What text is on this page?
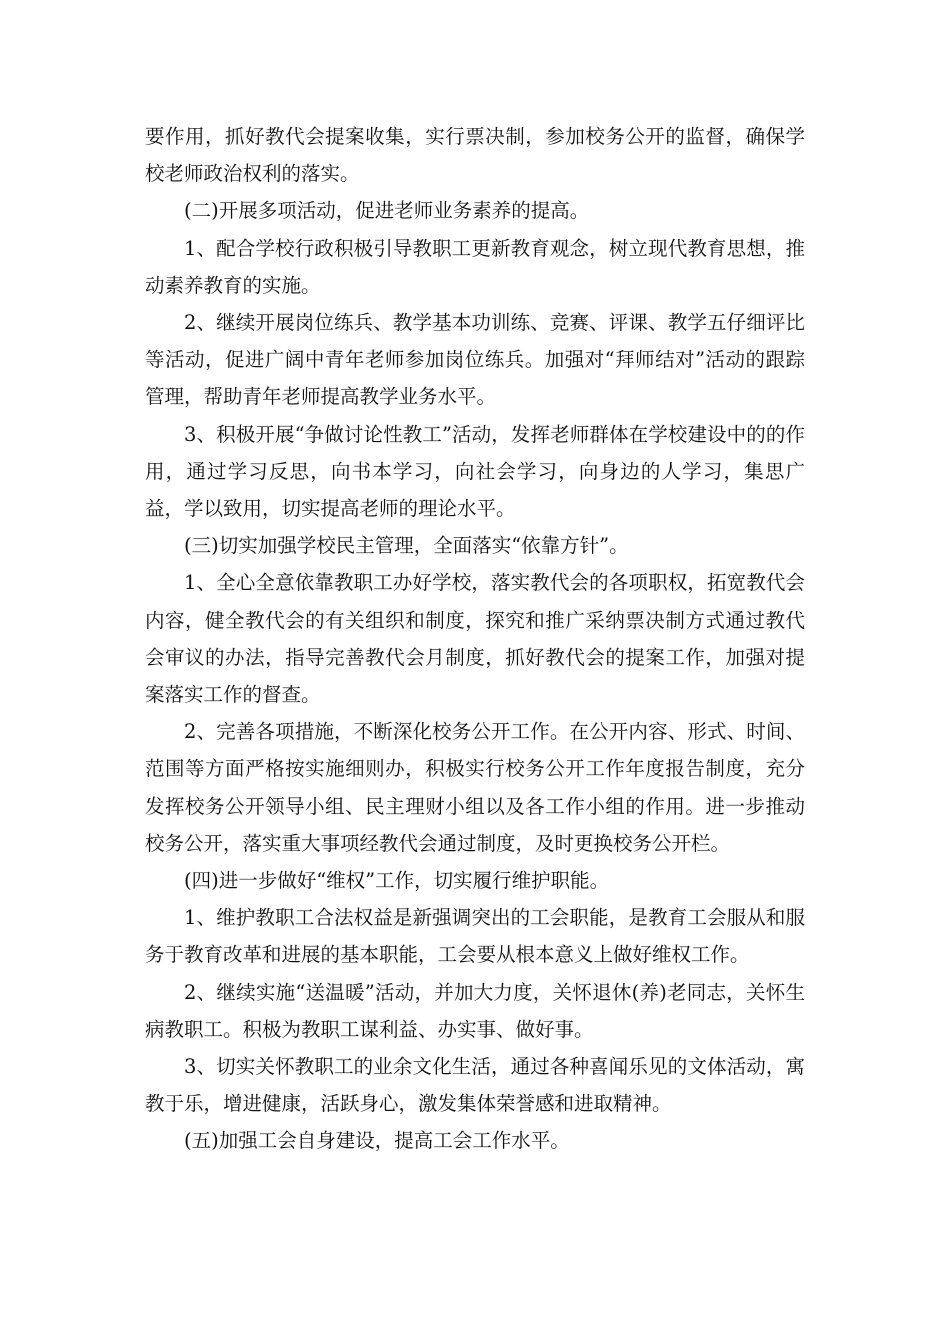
要作用，抓好教代会提案收集，实行票决制，参加校务公开的监督，确保学校老师政治权利的落实。

(二)开展多项活动，促进老师业务素养的提高。

1、配合学校行政积极引导教职工更新教育观念，树立现代教育思想，推动素养教育的实施。

2、继续开展岗位练兵、教学基本功训练、竞赛、评课、教学五仔细评比等活动，促进广阔中青年老师参加岗位练兵。加强对“拜师结对”活动的跟踪管理，帮助青年老师提高教学业务水平。

3、积极开展“争做讨论性教工”活动，发挥老师群体在学校建设中的的作用，通过学习反思，向书本学习，向社会学习，向身边的人学习，集思广益，学以致用，切实提高老师的理论水平。

(三)切实加强学校民主管理，全面落实“依靠方针”。

1、全心全意依靠教职工办好学校，落实教代会的各项职权，拓宽教代会内容，健全教代会的有关组织和制度，探究和推广采纳票决制方式通过教代会审议的办法，指导完善教代会月制度，抓好教代会的提案工作，加强对提案落实工作的督查。

2、完善各项措施，不断深化校务公开工作。在公开内容、形式、时间、范围等方面严格按实施细则办，积极实行校务公开工作年度报告制度，充分发挥校务公开领导小组、民主理财小组以及各工作小组的作用。进一步推动校务公开，落实重大事项经教代会通过制度，及时更换校务公开栏。

(四)进一步做好“维权”工作，切实履行维护职能。

1、维护教职工合法权益是新强调突出的工会职能，是教育工会服从和服务于教育改革和进展的基本职能，工会要从根本意义上做好维权工作。

2、继续实施“送温暖”活动，并加大力度，关怀退休(养)老同志，关怀生病教职工。积极为教职工谋利益、办实事、做好事。

3、切实关怀教职工的业余文化生活，通过各种喜闻乐见的文体活动，寓教于乐，增进健康，活跃身心，激发集体荣誉感和进取精神。

(五)加强工会自身建设，提高工会工作水平。
